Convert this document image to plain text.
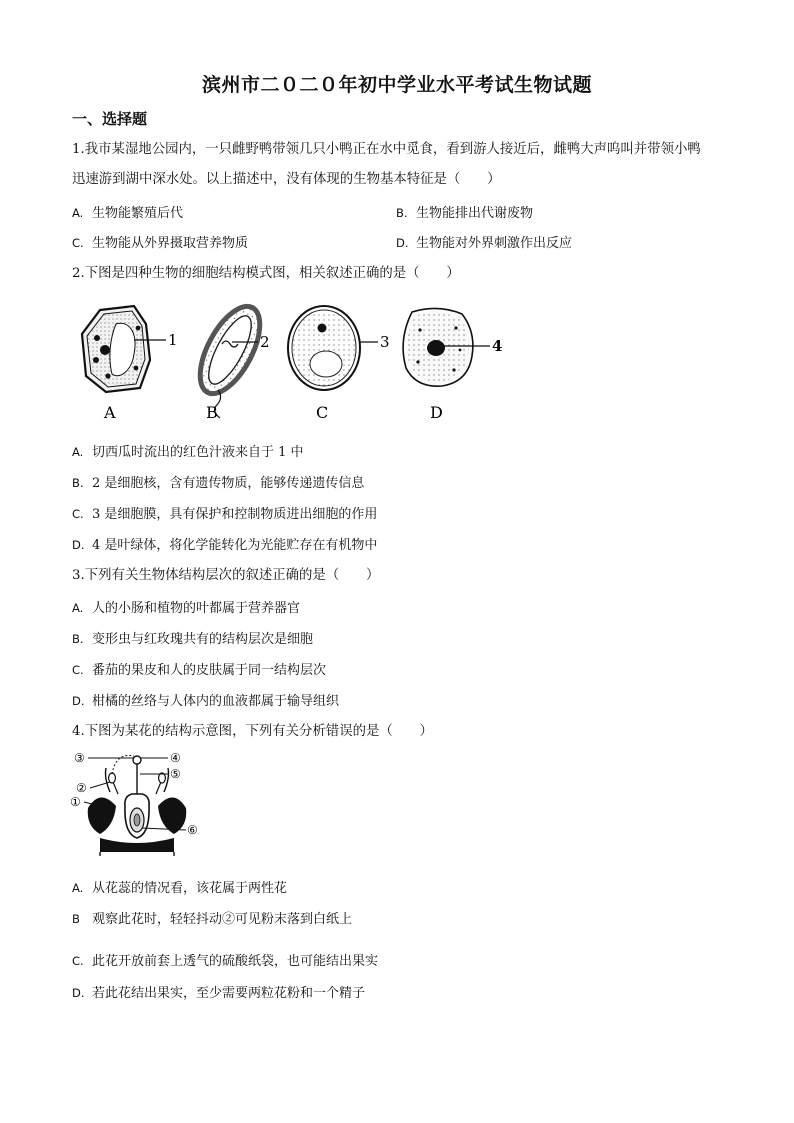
滨州市二０二０年初中学业水平考试生物试题
一、选择题
1.我市某湿地公园内，一只雌野鸭带领几只小鸭正在水中觅食，看到游人接近后，雌鸭大声呜叫并带领小鸭
迅速游到湖中深水处。以上描述中，没有体现的生物基本特征是（　　）
A. 生物能繁殖后代	B. 生物能排出代谢废物
C. 生物能从外界摄取营养物质	D. 生物能对外界刺激作出反应
2.下图是四种生物的细胞结构模式图，相关叙述正确的是（　　）
1
A
2
B
3
C
4
D
A. 切西瓜时流出的红色汁液来自于 1 中
B. 2 是细胞核，含有遗传物质，能够传递遗传信息
C. 3 是细胞膜，具有保护和控制物质进出细胞的作用
D. 4 是叶绿体，将化学能转化为光能贮存在有机物中
3.下列有关生物体结构层次的叙述正确的是（　　）
A. 人的小肠和植物的叶都属于营养器官
B. 变形虫与红玫瑰共有的结构层次是细胞
C. 番茄的果皮和人的皮肤属于同一结构层次
D. 柑橘的丝络与人体内的血液都属于输导组织
4.下图为某花的结构示意图，下列有关分析错误的是（　　）
③	④
⑤
②
①
⑥
A. 从花蕊的情况看，该花属于两性花
B 观察此花时，轻轻抖动②可见粉末落到白纸上
C. 此花开放前套上透气的硫酸纸袋，也可能结出果实
D. 若此花结出果实，至少需要两粒花粉和一个精子
